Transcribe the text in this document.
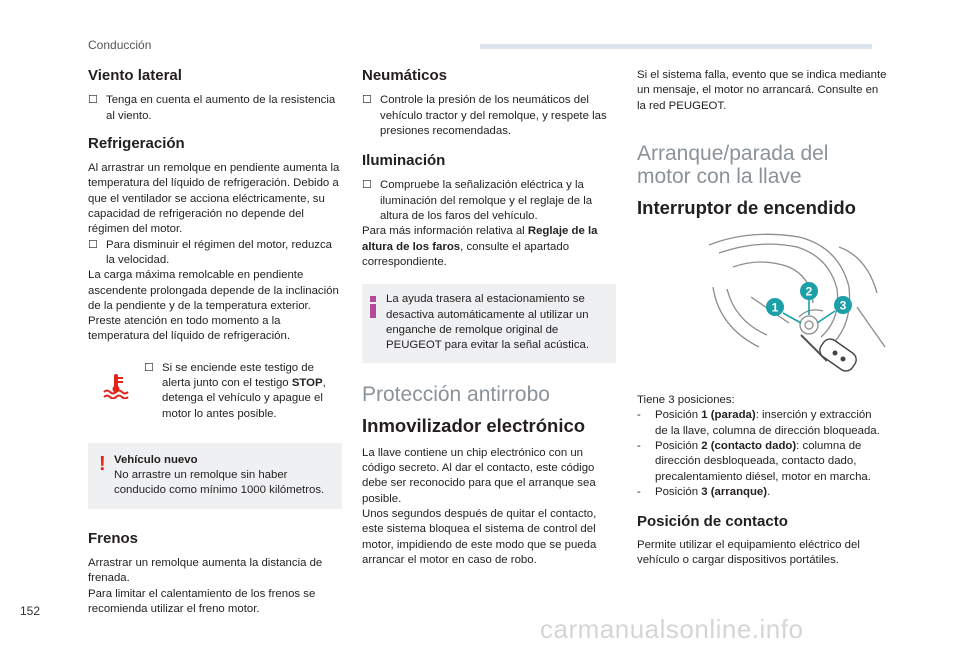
Conducción
Viento lateral
☐ Tenga en cuenta el aumento de la resistencia al viento.
Refrigeración

Al arrastrar un remolque en pendiente aumenta la temperatura del líquido de refrigeración. Debido a que el ventilador se acciona eléctricamente, su capacidad de refrigeración no depende del régimen del motor.

☐ Para disminuir el régimen del motor, reduzca la velocidad.

La carga máxima remolcable en pendiente ascendente prolongada depende de la inclinación de la pendiente y de la temperatura exterior.

Preste atención en todo momento a la temperatura del líquido de refrigeración.

☐ Si se enciende este testigo de alerta junto con el testigo STOP, detenga el vehículo y apague el motor lo antes posible.
! Vehículo nuevo

No arrastre un remolque sin haber conducido como mínimo 1000 kilómetros.

Frenos

Arrastrar un remolque aumenta la distancia de frenada.

Para limitar el calentamiento de los frenos se recomienda utilizar el freno motor.

Neumáticos
☐ Controle la presión de los neumáticos del vehículo tractor y del remolque, y respete las presiones recomendadas.
Iluminación
☐ Compruebe la señalización eléctrica y la iluminación del remolque y el reglaje de la altura de los faros del vehículo.

Para más información relativa al Reglaje de la altura de los faros, consulte el apartado correspondiente.

La ayuda trasera al estacionamiento se desactiva automáticamente al utilizar un enganche de remolque original de PEUGEOT para evitar la señal acústica.

Protección antirrobo
Inmovilizador electrónico

La llave contiene un chip electrónico con un código secreto. Al dar el contacto, este código debe ser reconocido para que el arranque sea posible.

Unos segundos después de quitar el contacto, este sistema bloquea el sistema de control del motor, impidiendo de este modo que se pueda arrancar el motor en caso de robo.

Si el sistema falla, evento que se indica mediante un mensaje, el motor no arrancará. Consulte en la red PEUGEOT.

Arranque/parada del motor con la llave
Interruptor de encendido
1
2
3

Tiene 3 posiciones:

- Posición 1 (parada): inserción y extracción de la llave, columna de dirección bloqueada.
- Posición 2 (contacto dado): columna de dirección desbloqueada, contacto dado, precalentamiento diésel, motor en marcha.
- Posición 3 (arranque).
Posición de contacto

Permite utilizar el equipamiento eléctrico del vehículo o cargar dispositivos portátiles.

152
carmanualsonline.info
